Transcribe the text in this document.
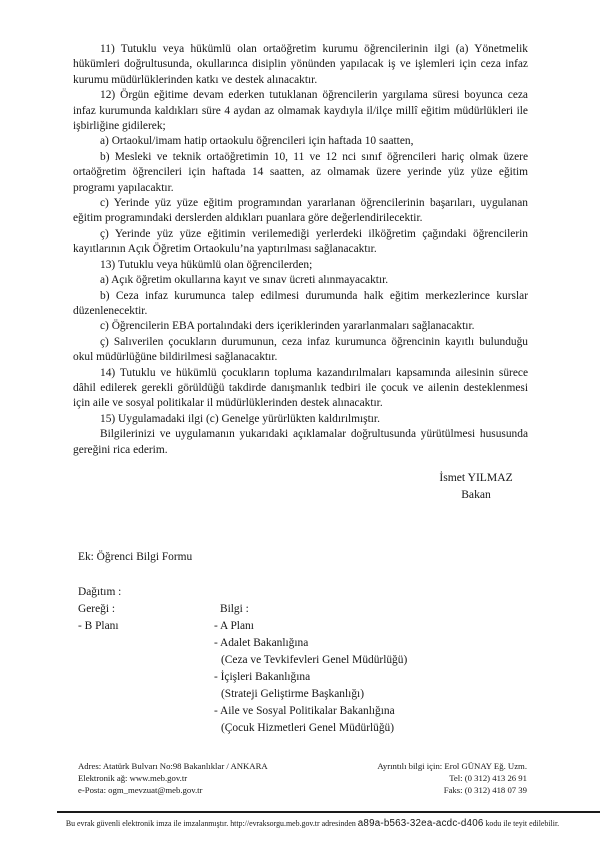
11) Tutuklu veya hükümlü olan ortaöğretim kurumu öğrencilerinin ilgi (a) Yönetmelik hükümleri doğrultusunda, okullarınca disiplin yönünden yapılacak iş ve işlemleri için ceza infaz kurumu müdürlüklerinden katkı ve destek alınacaktır.
12) Örgün eğitime devam ederken tutuklanan öğrencilerin yargılama süresi boyunca ceza infaz kurumunda kaldıkları süre 4 aydan az olmamak kaydıyla il/ilçe millî eğitim müdürlükleri ile işbirliğine gidilerek;
a) Ortaokul/imam hatip ortaokulu öğrencileri için haftada 10 saatten,
b) Mesleki ve teknik ortaöğretimin 10, 11 ve 12 nci sınıf öğrencileri hariç olmak üzere ortaöğretim öğrencileri için haftada 14 saatten, az olmamak üzere yerinde yüz yüze eğitim programı yapılacaktır.
c) Yerinde yüz yüze eğitim programından yararlanan öğrencilerinin başarıları, uygulanan eğitim programındaki derslerden aldıkları puanlara göre değerlendirilecektir.
ç) Yerinde yüz yüze eğitimin verilemediği yerlerdeki ilköğretim çağındaki öğrencilerin kayıtlarının Açık Öğretim Ortaokulu’na yaptırılması sağlanacaktır.
13) Tutuklu veya hükümlü olan öğrencilerden;
a) Açık öğretim okullarına kayıt ve sınav ücreti alınmayacaktır.
b) Ceza infaz kurumunca talep edilmesi durumunda halk eğitim merkezlerince kurslar düzenlenecektir.
c) Öğrencilerin EBA portalındaki ders içeriklerinden yararlanmaları sağlanacaktır.
ç) Salıverilen çocukların durumunun, ceza infaz kurumunca öğrencinin kayıtlı bulunduğu okul müdürlüğüne bildirilmesi sağlanacaktır.
14) Tutuklu ve hükümlü çocukların topluma kazandırılmaları kapsamında ailesinin sürece dâhil edilerek gerekli görüldüğü takdirde danışmanlık tedbiri ile çocuk ve ailenin desteklenmesi için aile ve sosyal politikalar il müdürlüklerinden destek alınacaktır.
15) Uygulamadaki ilgi (c) Genelge yürürlükten kaldırılmıştır.
Bilgilerinizi ve uygulamanın yukarıdaki açıklamalar doğrultusunda yürütülmesi hususunda gereğini rica ederim.
İsmet YILMAZ
Bakan
Ek: Öğrenci Bilgi Formu
Dağıtım :
Gereği :
- B Planı
Bilgi :
- A Planı
- Adalet Bakanlığına
(Ceza ve Tevkifevleri Genel Müdürlüğü)
- İçişleri Bakanlığına
(Strateji Geliştirme Başkanlığı)
- Aile ve Sosyal Politikalar Bakanlığına
(Çocuk Hizmetleri Genel Müdürlüğü)
Adres: Atatürk Bulvarı No:98 Bakanlıklar / ANKARA
Elektronik ağ: www.meb.gov.tr
e-Posta: ogm_mevzuat@meb.gov.tr
Ayrıntılı bilgi için: Erol GÜNAY Eğ. Uzm.
Tel: (0 312) 413 26 91
Faks: (0 312) 418 07 39
Bu evrak güvenli elektronik imza ile imzalanmıştır. http://evraksorgu.meb.gov.tr adresinden a89a-b563-32ea-acdc-d406 kodu ile teyit edilebilir.
